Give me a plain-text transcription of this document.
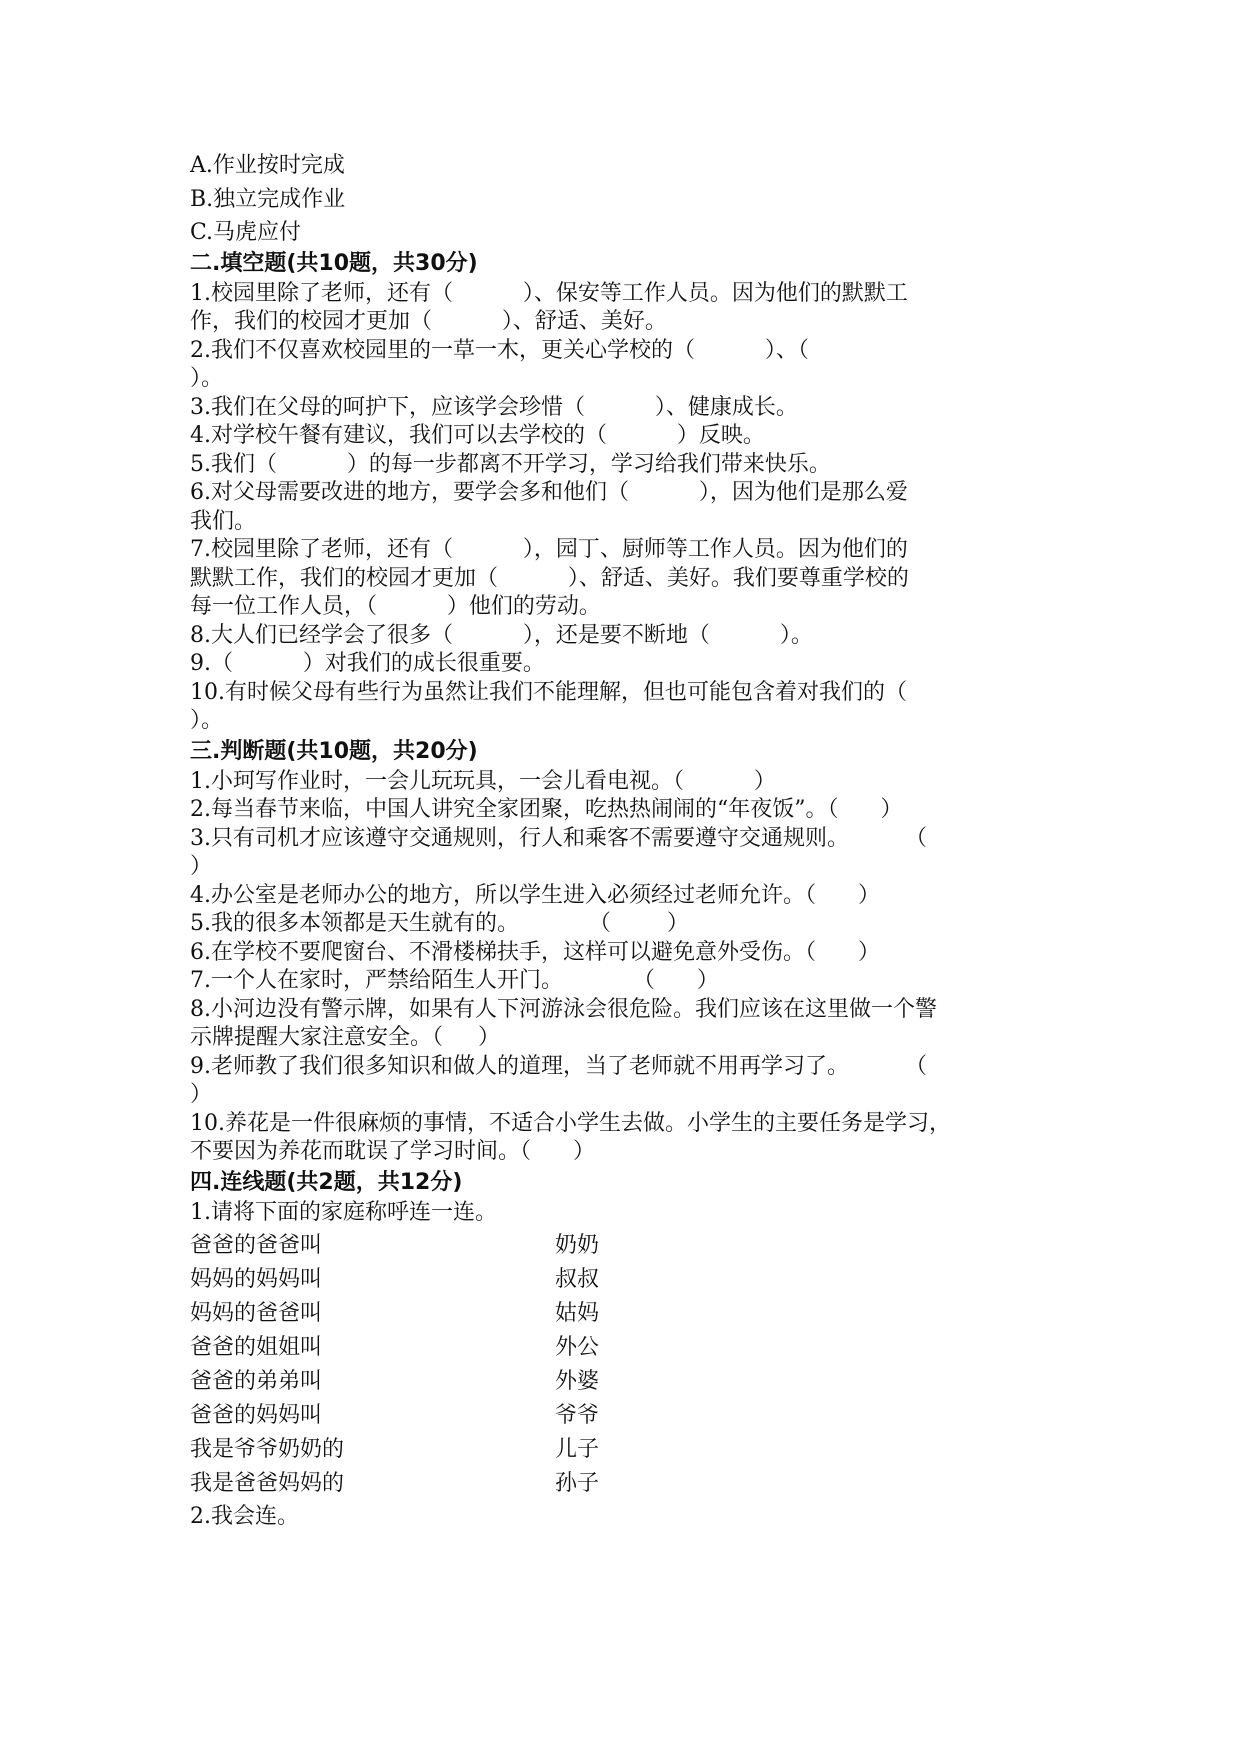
A.作业按时完成
B.独立完成作业
C.马虎应付
二.填空题(共10题，共30分)
1.校园里除了老师，还有（          ）、保安等工作人员。因为他们的默默工
作，我们的校园才更加（          ）、舒适、美好。
2.我们不仅喜欢校园里的一草一木，更关心学校的（          ）、（
）。
3.我们在父母的呵护下，应该学会珍惜（          ）、健康成长。
4.对学校午餐有建议，我们可以去学校的（          ）反映。
5.我们（          ）的每一步都离不开学习，学习给我们带来快乐。
6.对父母需要改进的地方，要学会多和他们（          ），因为他们是那么爱
我们。
7.校园里除了老师，还有（          ），园丁、厨师等工作人员。因为他们的
默默工作，我们的校园才更加（          ）、舒适、美好。我们要尊重学校的
每一位工作人员，（          ）他们的劳动。
8.大人们已经学会了很多（          ），还是要不断地（          ）。
9.（          ）对我们的成长很重要。
10.有时候父母有些行为虽然让我们不能理解，但也可能包含着对我们的（
）。
三.判断题(共10题，共20分)
1.小珂写作业时，一会儿玩玩具，一会儿看电视。（          ）
2.每当春节来临，中国人讲究全家团聚，吃热热闹闹的“年夜饭”。（      ）
3.只有司机才应该遵守交通规则，行人和乘客不需要遵守交通规则。        （
）
4.办公室是老师办公的地方，所以学生进入必须经过老师允许。（      ）
5.我的很多本领都是天生就有的。          （        ）
6.在学校不要爬窗台、不滑楼梯扶手，这样可以避免意外受伤。（      ）
7.一个人在家时，严禁给陌生人开门。          （      ）
8.小河边没有警示牌，如果有人下河游泳会很危险。我们应该在这里做一个警
示牌提醒大家注意安全。（     ）
9.老师教了我们很多知识和做人的道理，当了老师就不用再学习了。        （
）
10.养花是一件很麻烦的事情，不适合小学生去做。小学生的主要任务是学习，
不要因为养花而耽误了学习时间。（      ）
四.连线题(共2题，共12分)
1.请将下面的家庭称呼连一连。
爸爸的爸爸叫	奶奶
妈妈的妈妈叫	叔叔
妈妈的爸爸叫	姑妈
爸爸的姐姐叫	外公
爸爸的弟弟叫	外婆
爸爸的妈妈叫	爷爷
我是爷爷奶奶的	儿子
我是爸爸妈妈的	孙子
2.我会连。
